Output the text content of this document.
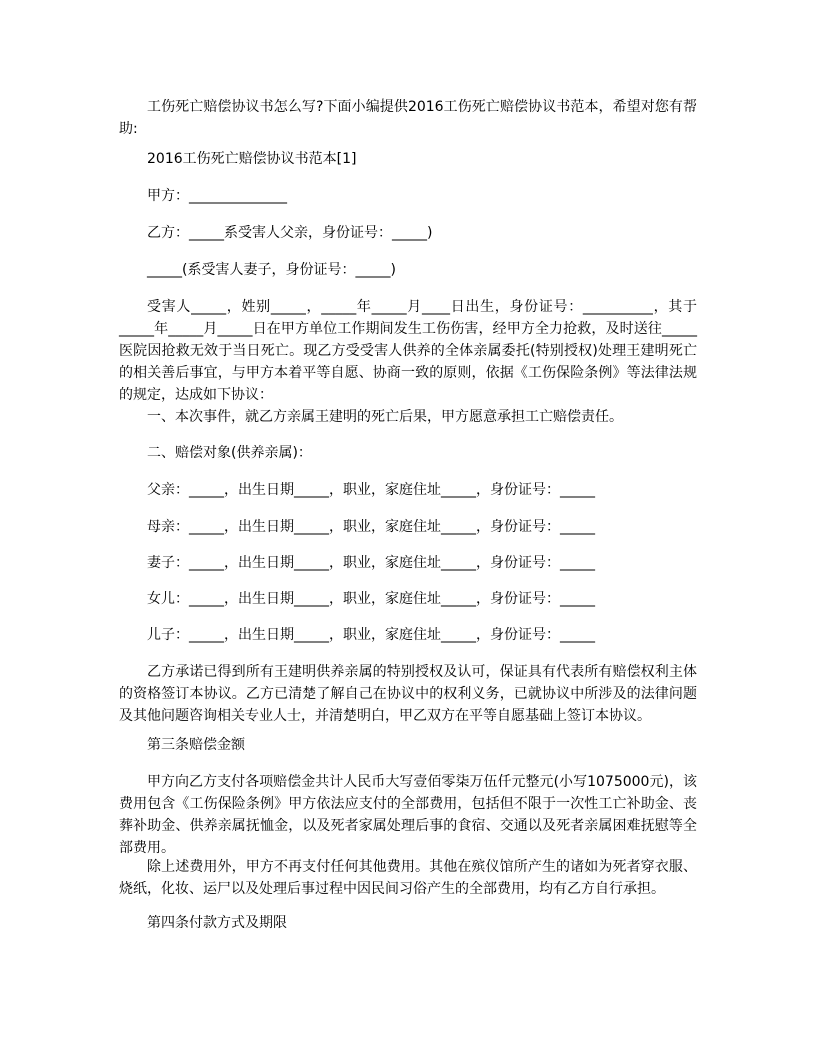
工伤死亡赔偿协议书怎么写?下面小编提供2016工伤死亡赔偿协议书范本，希望对您有帮助:

2016工伤死亡赔偿协议书范本[1]
甲方：______________
乙方：_____系受害人父亲，身份证号：_____)
_____(系受害人妻子，身份证号：_____)

受害人_____，姓别_____，_____年_____月____日出生，身份证号：__________，其于_____年_____月_____日在甲方单位工作期间发生工伤伤害，经甲方全力抢救，及时送往_____医院因抢救无效于当日死亡。现乙方受受害人供养的全体亲属委托(特别授权)处理王建明死亡的相关善后事宜，与甲方本着平等自愿、协商一致的原则，依据《工伤保险条例》等法律法规的规定，达成如下协议：

一、本次事件，就乙方亲属王建明的死亡后果，甲方愿意承担工亡赔偿责任。
二、赔偿对象(供养亲属)：
父亲：_____，出生日期_____，职业，家庭住址_____，身份证号：_____
母亲：_____，出生日期_____，职业，家庭住址_____，身份证号：_____
妻子：_____，出生日期_____，职业，家庭住址_____，身份证号：_____
女儿：_____，出生日期_____，职业，家庭住址_____，身份证号：_____
儿子：_____，出生日期_____，职业，家庭住址_____，身份证号：_____

乙方承诺已得到所有王建明供养亲属的特别授权及认可，保证具有代表所有赔偿权利主体的资格签订本协议。乙方已清楚了解自己在协议中的权利义务，已就协议中所涉及的法律问题及其他问题咨询相关专业人士，并清楚明白，甲乙双方在平等自愿基础上签订本协议。

第三条赔偿金额

甲方向乙方支付各项赔偿金共计人民币大写壹佰零柒万伍仟元整元(小写1075000元)，该费用包含《工伤保险条例》甲方依法应支付的全部费用，包括但不限于一次性工亡补助金、丧葬补助金、供养亲属抚恤金，以及死者家属处理后事的食宿、交通以及死者亲属困难抚慰等全部费用。

除上述费用外，甲方不再支付任何其他费用。其他在殡仪馆所产生的诸如为死者穿衣服、烧纸，化妆、运尸以及处理后事过程中因民间习俗产生的全部费用，均有乙方自行承担。

第四条付款方式及期限
